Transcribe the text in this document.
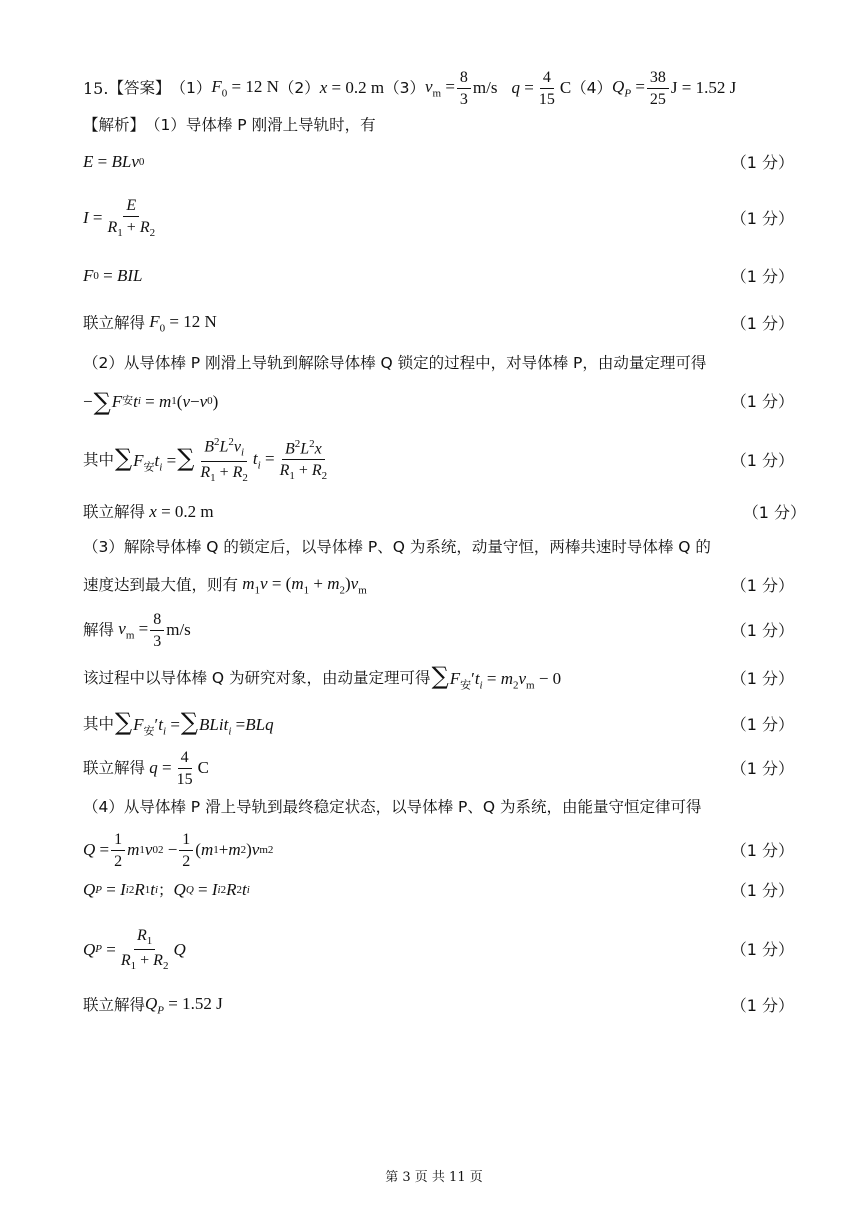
15. 【答案】 （1） $F_0 = 12$ N （2） x = 0.2 m （3） $v_m = \frac{8}{3} m/s$ $q = \frac{4}{15}$ C （4） $Q_P = \frac{38}{25}$ J = 1.52 J
【解析】 （1）导体棒 P 刚滑上导轨时，有
E = BLv 0	（1 分）
$I = \frac{E}{R_1 + R_2}$	（1 分）
F 0 = BIL	（1 分）
联立解得 $F_0 = 12$ N	（1 分）
（2）从导体棒 P 刚滑上导轨到解除导体棒 Q 锁定的过程中，对导体棒 P，由动量定理可得
− ∑ F 安 t i = m 1 ( v − v 0 )	（1 分）
其中 $\sum F_安t_i$ =∑ $\frac{B^2L^2v_i}{R_1 + R_2} t_i = \frac{B^2L^2x}{R_1 + R_2}$	（1 分）
联立解得 x = 0.2 m	（1 分）
（3）解除导体棒 Q 的锁定后，以导体棒 P、Q 为系统，动量守恒，两棒共速时导体棒 Q 的
速度达到最大值，则有 $m_1v = (m_1 + m_2)v_m$	（1 分）
解得 $v_m = \frac{8}{3} m/s$	（1 分）
该过程中以导体棒 Q 为研究对象，由动量定理可得 $\sum F_安't_i = m_2v_m - 0$	（1 分）
其中 $\sum F_安't_i$ =∑BLit$_i$ =BLq	（1 分）
联立解得 $q = \frac{4}{15}$ C	（1 分）
（4）从导体棒 P 滑上导轨到最终稳定状态，以导体棒 P、Q 为系统，由能量守恒定律可得
$Q = \frac{1}{2}$ m 1 v 0 $2 - \frac{1}{2}$ ( m 1 + m 2 ) v m 2	（1 分）
Q P = I i 2 R 1 t i ； Q Q = I i 2 R 2 t i	（1 分）
Q $P = \frac{R_1}{R_1 + R_2}$ Q	（1 分）
联立解得 $Q_P = 1.52$ J	（1 分）
第 3 页 共 11 页
